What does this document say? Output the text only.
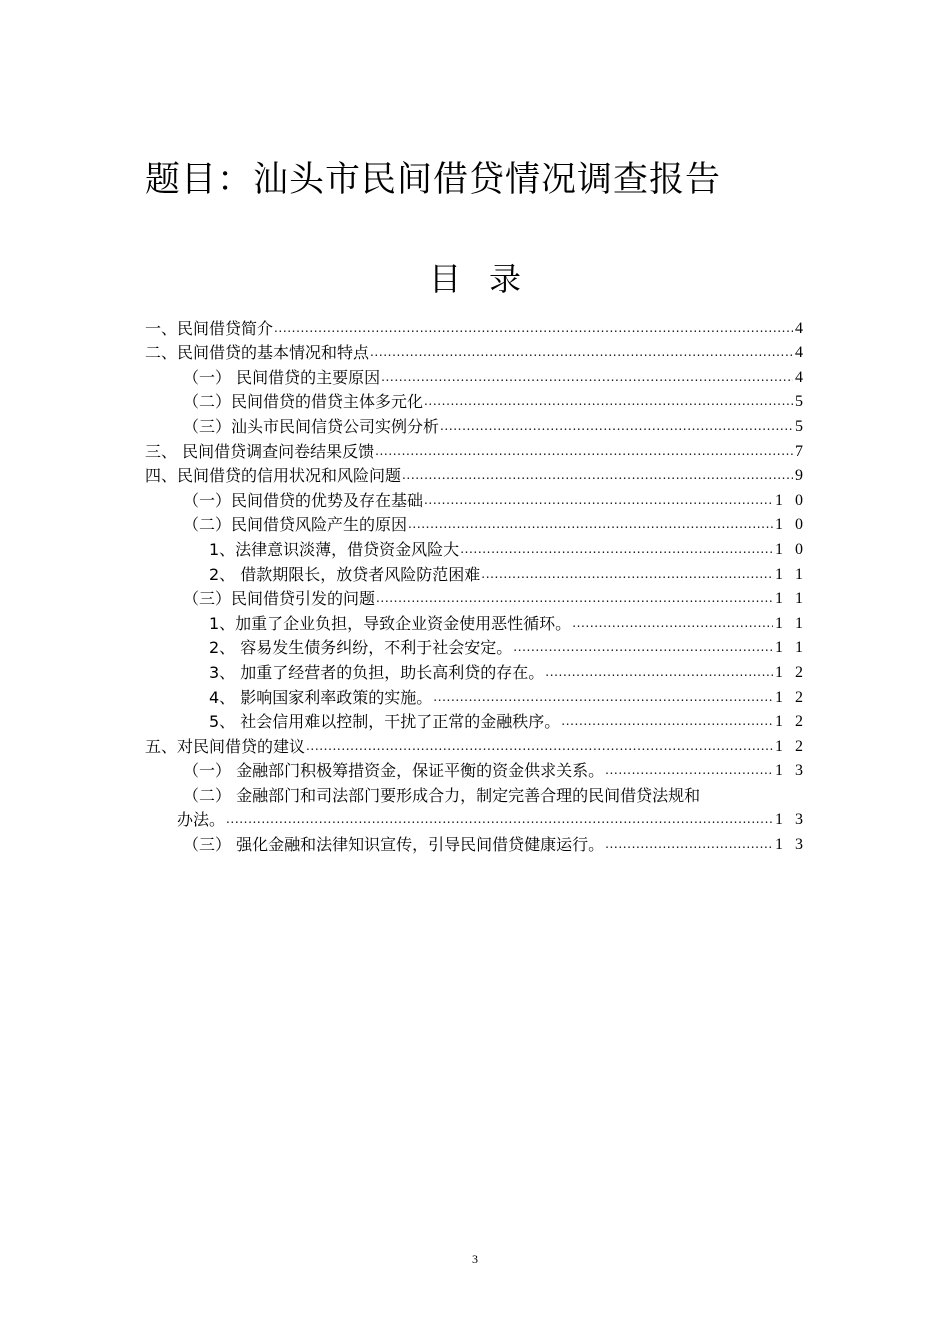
题目：汕头市民间借贷情况调查报告
目录
一、民间借贷简介 .....	4
二、民间借贷的基本情况和特点 .....	4
（一） 民间借贷的主要原因 .....	4
（二）民间借贷的借贷主体多元化 .....	5
（三）汕头市民间信贷公司实例分析 .....	5
三、 民间借贷调查问卷结果反馈 .....	7
四、民间借贷的信用状况和风险问题 .....	9
（一）民间借贷的优势及存在基础 .....	1 0
（二）民间借贷风险产生的原因 .....	1 0
1、法律意识淡薄，借贷资金风险大 .....	1 0
2、 借款期限长，放贷者风险防范困难 .....	1 1
（三）民间借贷引发的问题 .....	1 1
1、加重了企业负担，导致企业资金使用恶性循环。 .....	1 1
2、 容易发生债务纠纷，不利于社会安定。 .....	1 1
3、 加重了经营者的负担，助长高利贷的存在。 .....	1 2
4、 影响国家利率政策的实施。 .....	1 2
5、 社会信用难以控制，干扰了正常的金融秩序。 .....	1 2
五、对民间借贷的建议 .....	1 2
（一） 金融部门积极筹措资金，保证平衡的资金供求关系。 .....	1 3
（二） 金融部门和司法部门要形成合力，制定完善合理的民间借贷法规和
办法。 .....	1 3
（三） 强化金融和法律知识宣传，引导民间借贷健康运行。 .....	1 3
3
